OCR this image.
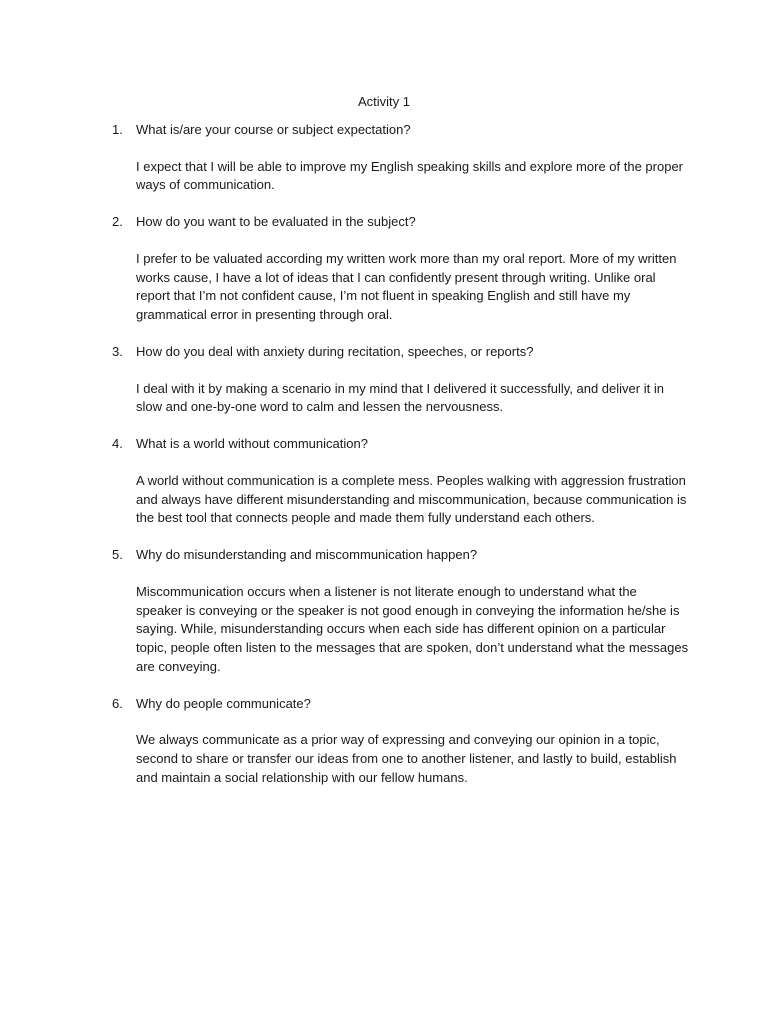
Activity 1
1. What is/are your course or subject expectation?

I expect that I will be able to improve my English speaking skills and explore more of the proper
ways of communication.

2. How do you want to be evaluated in the subject?

I prefer to be valuated according my written work more than my oral report. More of my written
works cause, I have a lot of ideas that I can confidently present through writing. Unlike oral
report that I’m not confident cause, I’m not fluent in speaking English and still have my
grammatical error in presenting through oral.

3. How do you deal with anxiety during recitation, speeches, or reports?

I deal with it by making a scenario in my mind that I delivered it successfully, and deliver it in
slow and one-by-one word to calm and lessen the nervousness.

4. What is a world without communication?

A world without communication is a complete mess. Peoples walking with aggression frustration
and always have different misunderstanding and miscommunication, because communication is
the best tool that connects people and made them fully understand each others.

5. Why do misunderstanding and miscommunication happen?

Miscommunication occurs when a listener is not literate enough to understand what the
speaker is conveying or the speaker is not good enough in conveying the information he/she is
saying. While, misunderstanding occurs when each side has different opinion on a particular
topic, people often listen to the messages that are spoken, don’t understand what the messages
are conveying.

6. Why do people communicate?

We always communicate as a prior way of expressing and conveying our opinion in a topic,
second to share or transfer our ideas from one to another listener, and lastly to build, establish
and maintain a social relationship with our fellow humans.
